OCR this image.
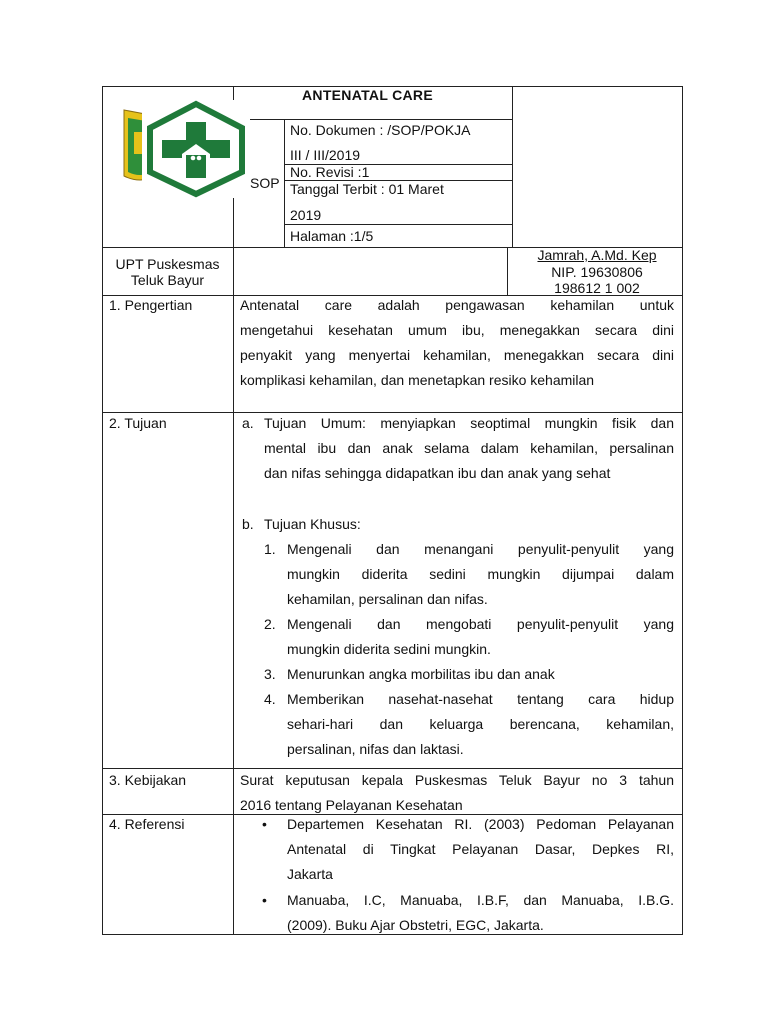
ANTENATAL CARE
SOP
No. Dokumen : /SOP/POKJA
III / III/2019
No. Revisi :1
Tanggal Terbit : 01 Maret
2019
Halaman :1/5
UPT Puskesmas
Teluk Bayur
Jamrah, A.Md. Kep
NIP. 19630806
198612 1 002
1. Pengertian	Antenatal care adalah pengawasan kehamilan untuk
mengetahui kesehatan umum ibu, menegakkan secara dini
penyakit yang menyertai kehamilan, menegakkan secara dini
komplikasi kehamilan, dan menetapkan resiko kehamilan
2. Tujuan	a. Tujuan Umum: menyiapkan seoptimal mungkin fisik dan
mental ibu dan anak selama dalam kehamilan, persalinan
dan nifas sehingga didapatkan ibu dan anak yang sehat
b. Tujuan Khusus:
1. Mengenali dan menangani penyulit-penyulit yang
mungkin diderita sedini mungkin dijumpai dalam
kehamilan, persalinan dan nifas.
2. Mengenali dan mengobati penyulit-penyulit yang
mungkin diderita sedini mungkin.
3. Menurunkan angka morbilitas ibu dan anak
4. Memberikan nasehat-nasehat tentang cara hidup
sehari-hari dan keluarga berencana, kehamilan,
persalinan, nifas dan laktasi.
3. Kebijakan	Surat keputusan kepala Puskesmas Teluk Bayur no 3 tahun
2016 tentang Pelayanan Kesehatan
4. Referensi	• Departemen Kesehatan RI. (2003) Pedoman Pelayanan
Antenatal di Tingkat Pelayanan Dasar, Depkes RI,
Jakarta
• Manuaba, I.C, Manuaba, I.B.F, dan Manuaba, I.B.G.
(2009). Buku Ajar Obstetri, EGC, Jakarta.
